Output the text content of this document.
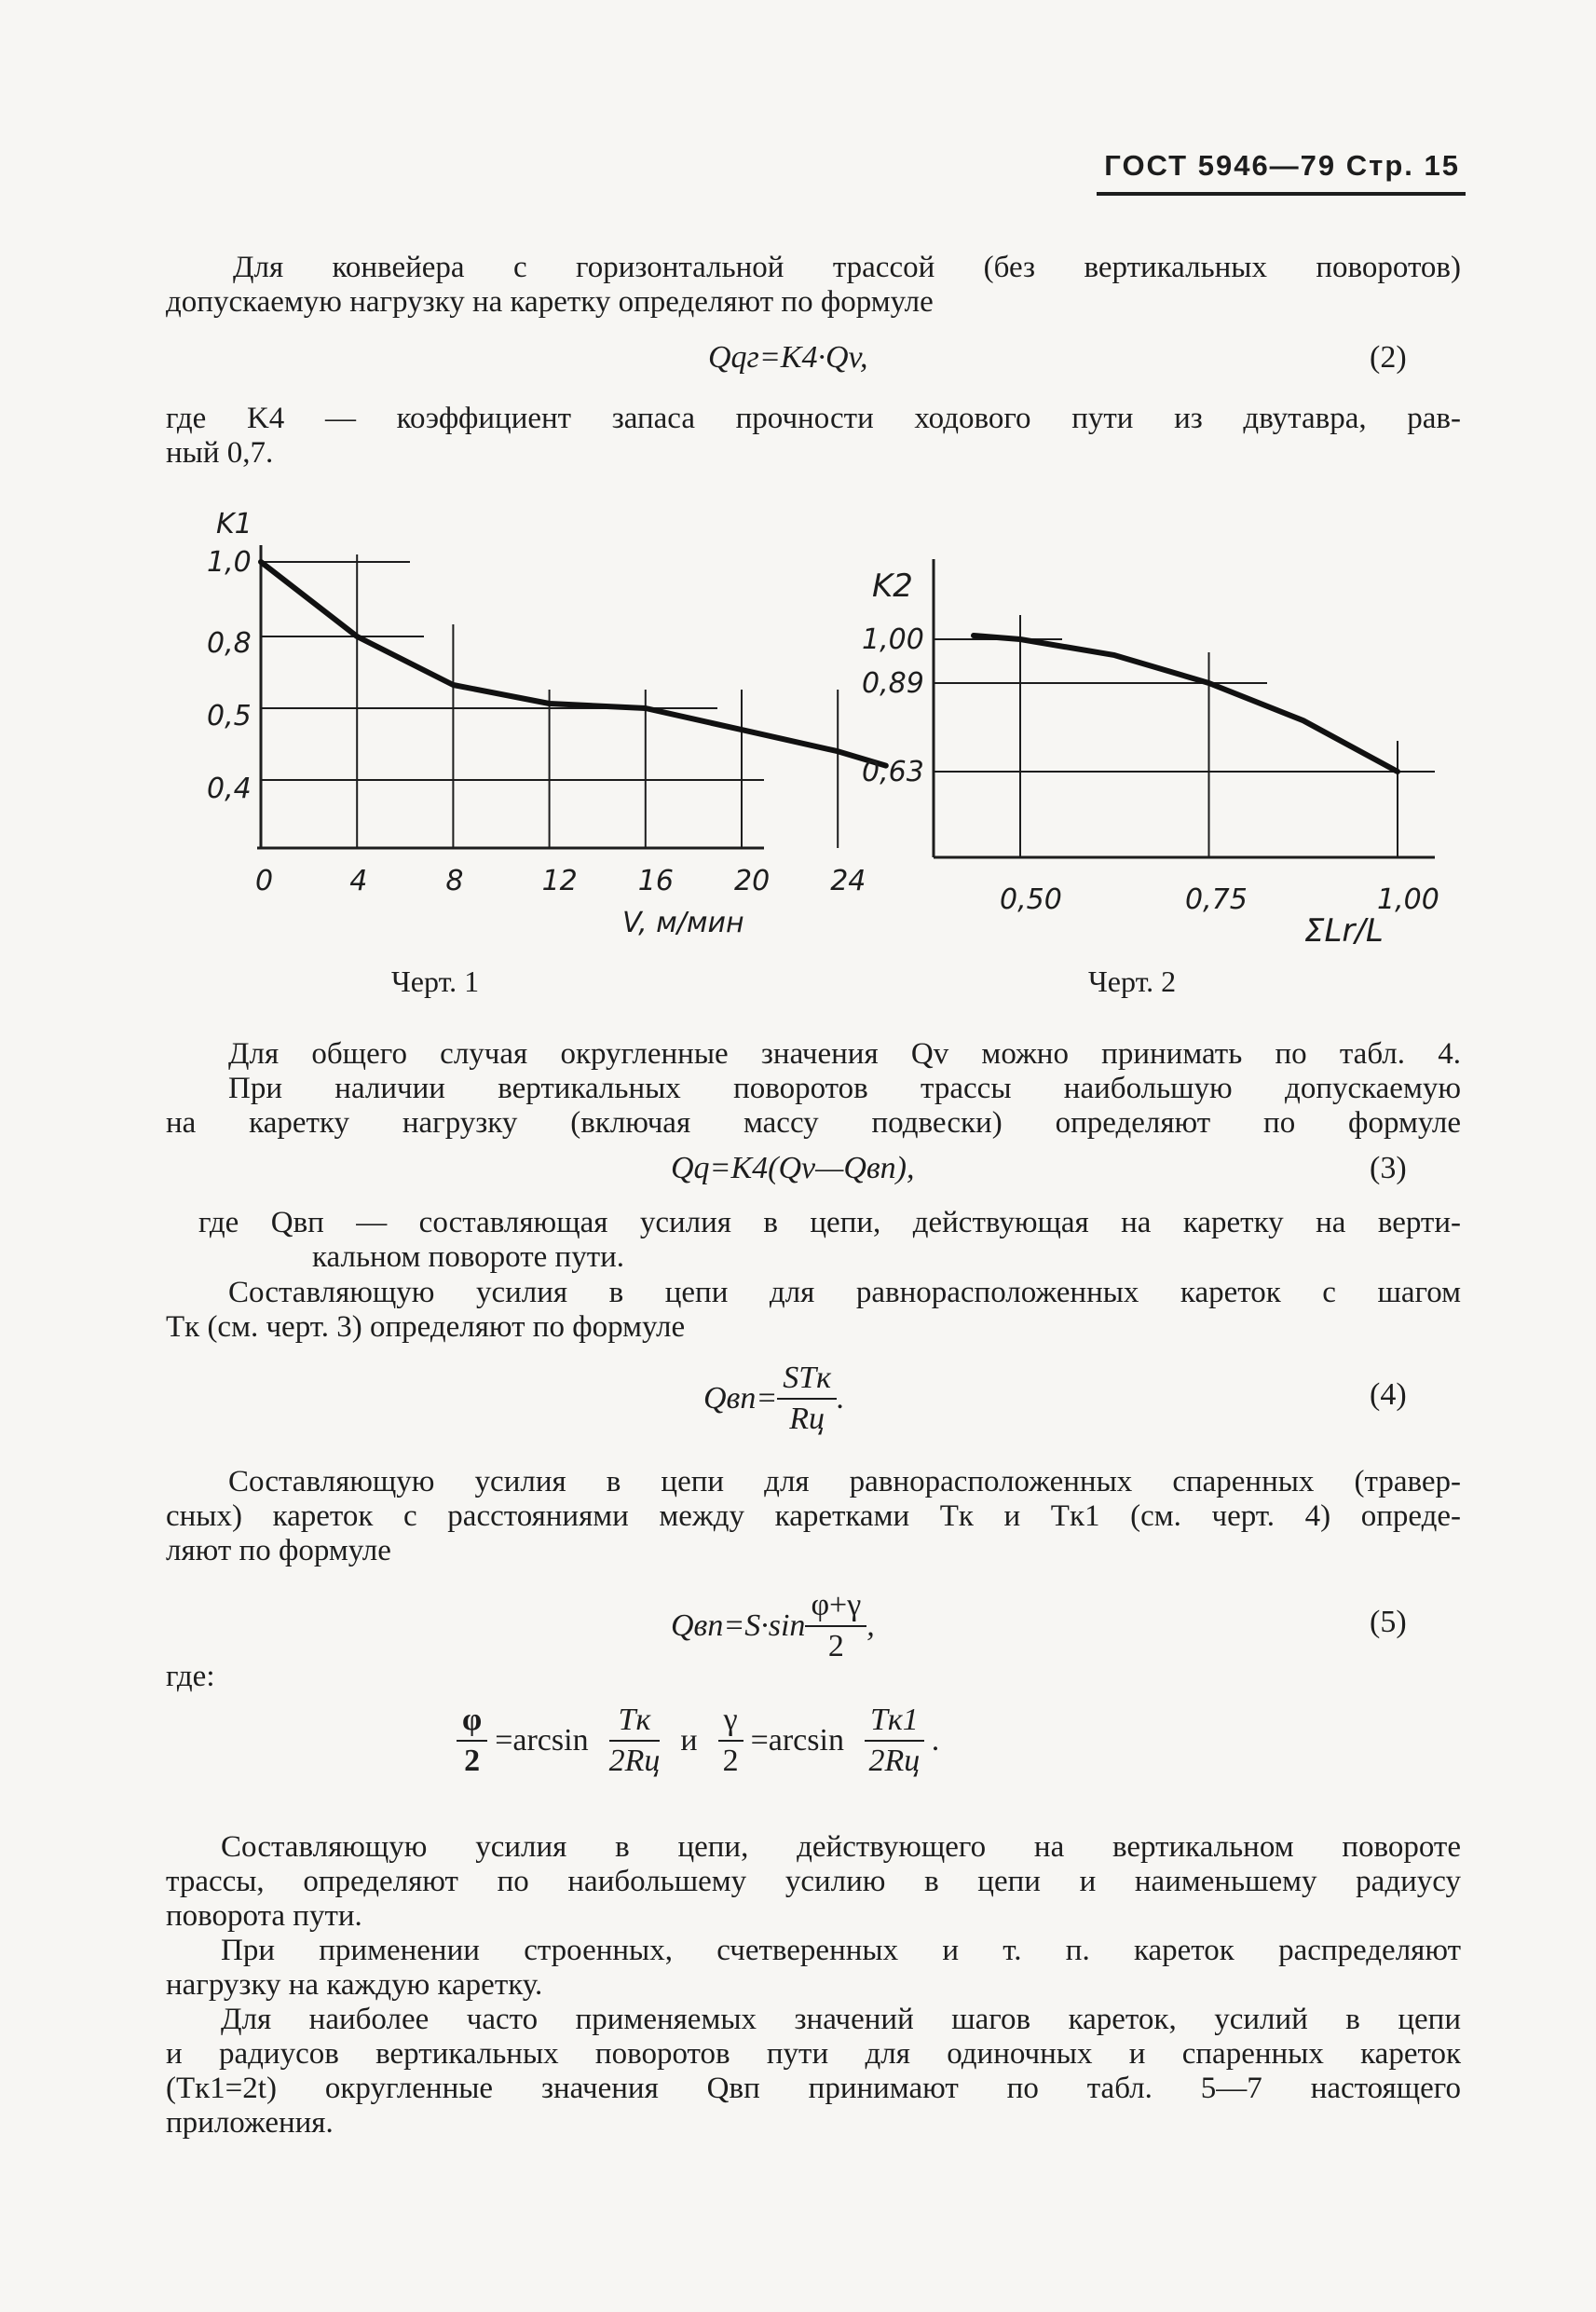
ГОСТ 5946—79 Стр. 15
Для конвейера с горизонтальной трассой (без вертикальных поворотов)
допускаемую нагрузку на каретку определяют по формуле
Qqг=K4·Qv,	(2)
где K4 — коэффициент запаса прочности ходового пути из двутавра, рав-
ный 0,7.
0	4	8	12 16 20 24
1,0
0,8
0,5
0,4
K1
V, м/мин
0,50	0,75	1,00
1,00
0,89
0,63
K2
ΣLr/L
Черт. 1	Черт. 2
Для общего случая округленные значения Qv можно принимать по табл. 4.
При наличии вертикальных поворотов трассы наибольшую допускаемую
на каретку нагрузку (включая массу подвески) определяют по формуле
Qq=K4(Qv—Qвп),	(3)
где Qвп — составляющая усилия в цепи, действующая на каретку на верти-
кальном повороте пути.
Составляющую усилия в цепи для равнорасположенных кареток с шагом
Tк (см. черт. 3) определяют по формуле
$Qвп= \frac{\text{STк}}{Rц}$ .	(4)
Составляющую усилия в цепи для равнорасположенных спаренных (травер-
сных) кареток с расстояниями между каретками Tк и Tк1 (см. черт. 4) опреде-
ляют по формуле
$Qвп=S\cdot\sin \frac{\varphi+\gamma}{2}$ ,	(5)
где:
$\frac{\varphi}{2} =\arcsin \frac{Tк}{2Rц}$ и $\frac{\gamma}{2} =\arcsin \frac{Tк1}{2Rц}$ .
Составляющую усилия в цепи, действующего на вертикальном повороте
трассы, определяют по наибольшему усилию в цепи и наименьшему радиусу
поворота пути.
При применении строенных, счетверенных и т. п. кареток распределяют
нагрузку на каждую каретку.
Для наиболее часто применяемых значений шагов кареток, усилий в цепи
и радиусов вертикальных поворотов пути для одиночных и спаренных кареток
(Tк1=2t) округленные значения Qвп принимают по табл. 5—7 настоящего
приложения.
